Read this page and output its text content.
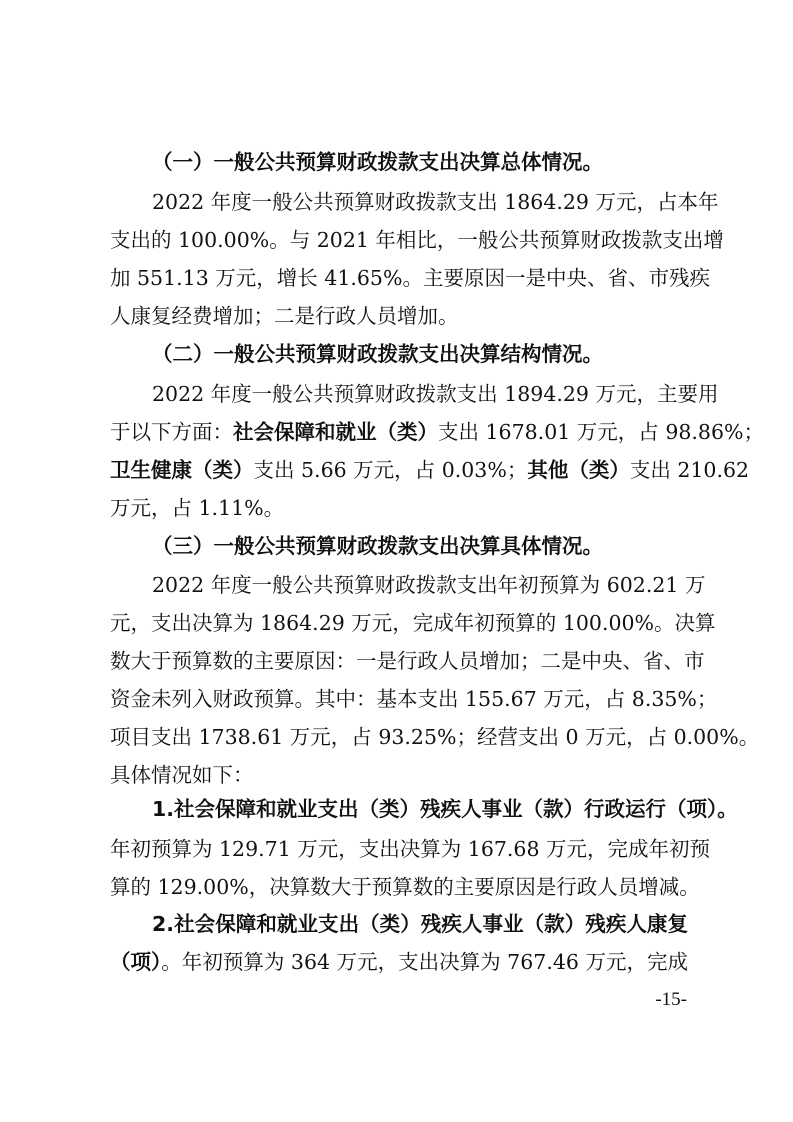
（一）一般公共预算财政拨款支出决算总体情况。
2022 年度一般公共预算财政拨款支出 1864.29 万元，占本年
支出的 100.00%。与 2021 年相比，一般公共预算财政拨款支出增
加 551.13 万元，增长 41.65%。主要原因一是中央、省、市残疾
人康复经费增加；二是行政人员增加。
（二）一般公共预算财政拨款支出决算结构情况。
2022 年度一般公共预算财政拨款支出 1894.29 万元，主要用
于以下方面：社会保障和就业（类）支出 1678.01 万元，占 98.86%；
卫生健康（类）支出 5.66 万元，占 0.03%；其他（类）支出 210.62
万元，占 1.11%。
（三）一般公共预算财政拨款支出决算具体情况。
2022 年度一般公共预算财政拨款支出年初预算为 602.21 万
元，支出决算为 1864.29 万元，完成年初预算的 100.00%。决算
数大于预算数的主要原因：一是行政人员增加；二是中央、省、市
资金未列入财政预算。其中：基本支出 155.67 万元，占 8.35%；
项目支出 1738.61 万元，占 93.25%；经营支出 0 万元，占 0.00%。
具体情况如下：
1.社会保障和就业支出（类）残疾人事业（款）行政运行（项）。
年初预算为 129.71 万元，支出决算为 167.68 万元，完成年初预
算的 129.00%，决算数大于预算数的主要原因是行政人员增减。
2.社会保障和就业支出（类）残疾人事业（款）残疾人康复
（项）。年初预算为 364 万元，支出决算为 767.46 万元，完成
-15-
